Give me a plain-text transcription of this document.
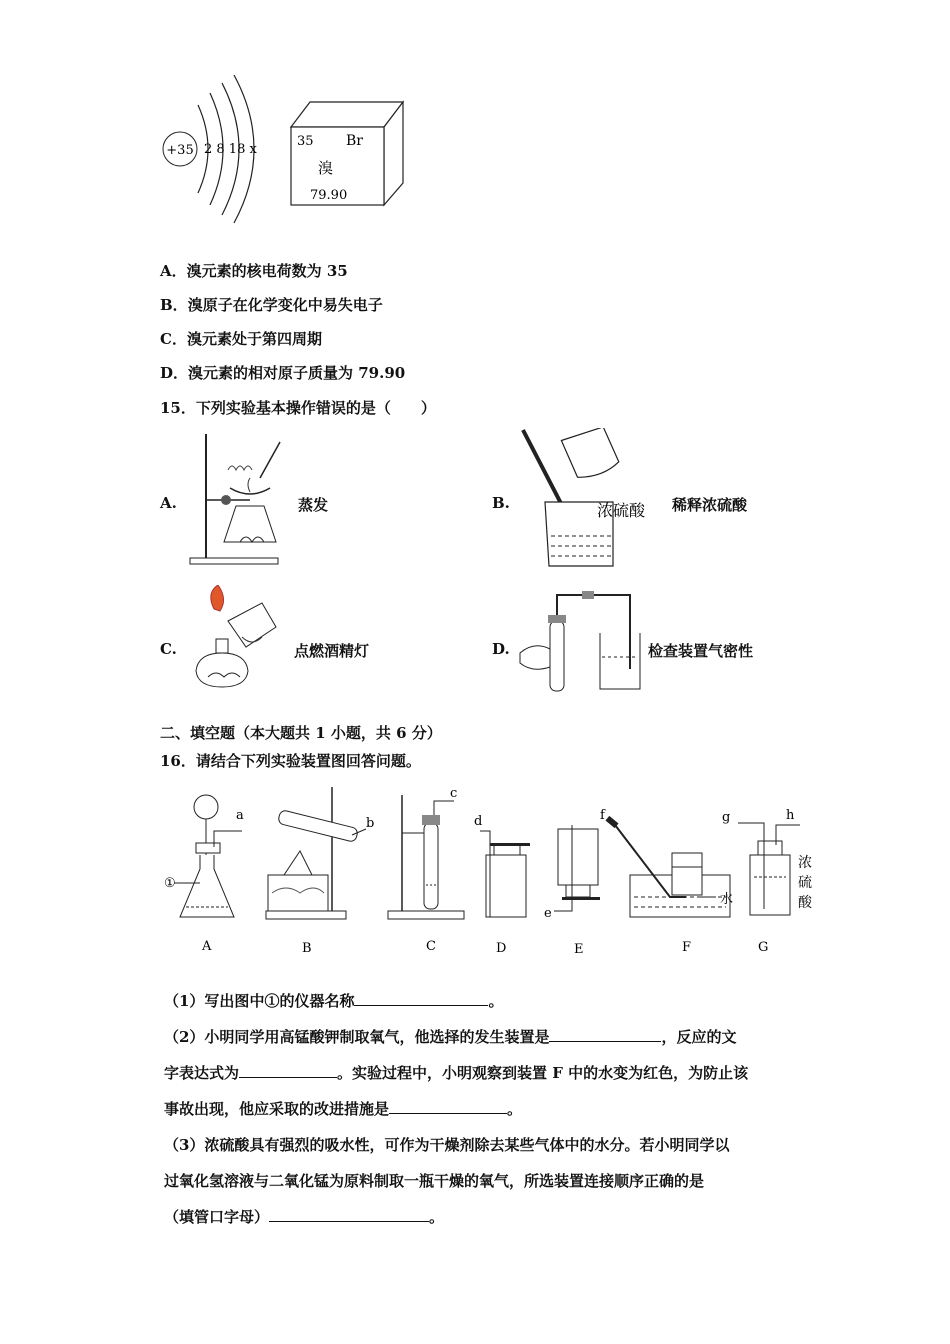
+35 2 8 18 x
35 Br
溴
79.90
A．溴元素的核电荷数为 35
B．溴原子在化学变化中易失电子
C．溴元素处于第四周期
D．溴元素的相对原子质量为 79.90
15．下列实验基本操作错误的是（　　）
A.	蒸发	B.	浓硫酸 稀释浓硫酸
C.	点燃酒精灯	D.	检查装置气密性
二、填空题（本大题共 1 小题，共 6 分）
16．请结合下列实验装置图回答问题。
a
b
c
d
e
f	g	h
①
水
浓
硫
酸
A	B	C	D	E	F	G
（1）写出图中①的仪器名称	。
（2）小明同学用高锰酸钾制取氧气，他选择的发生装置是	，反应的文
字表达式为	。实验过程中，小明观察到装置 F 中的水变为红色，为防止该
事故出现，他应采取的改进措施是	。
（3）浓硫酸具有强烈的吸水性，可作为干燥剂除去某些气体中的水分。若小明同学以
过氧化氢溶液与二氧化锰为原料制取一瓶干燥的氧气，所选装置连接顺序正确的是
（填管口字母）	。
